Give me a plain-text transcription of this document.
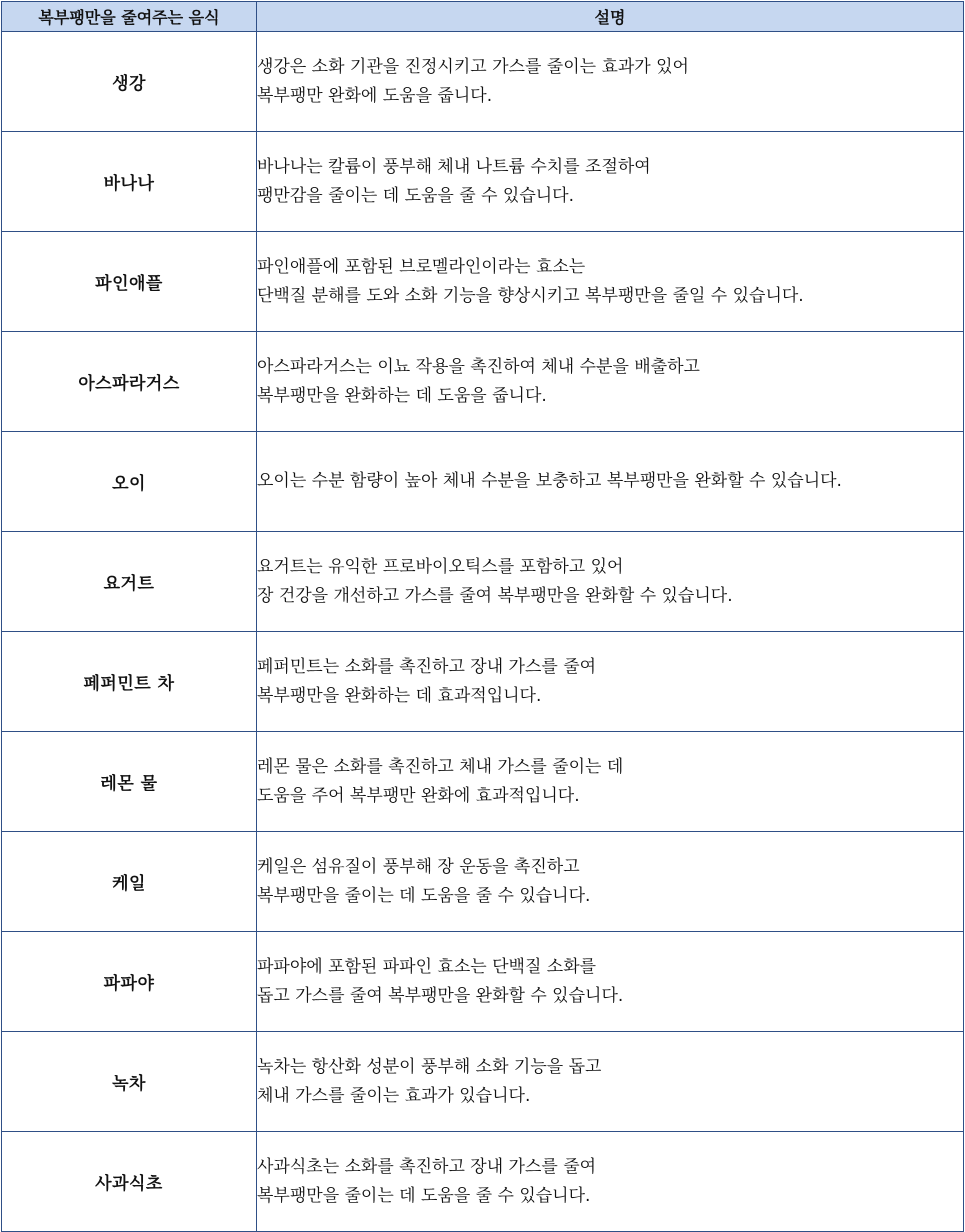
복부팽만을 줄여주는 음식	설명
생강	생강은 소화 기관을 진정시키고 가스를 줄이는 효과가 있어
복부팽만 완화에 도움을 줍니다.

바나나	바나나는 칼륨이 풍부해 체내 나트륨 수치를 조절하여
팽만감을 줄이는 데 도움을 줄 수 있습니다.

파인애플	파인애플에 포함된 브로멜라인이라는 효소는
단백질 분해를 도와 소화 기능을 향상시키고 복부팽만을 줄일 수 있습니다.

아스파라거스	아스파라거스는 이뇨 작용을 촉진하여 체내 수분을 배출하고
복부팽만을 완화하는 데 도움을 줍니다.

오이	오이는 수분 함량이 높아 체내 수분을 보충하고 복부팽만을 완화할 수 있습니다.

요거트	요거트는 유익한 프로바이오틱스를 포함하고 있어
장 건강을 개선하고 가스를 줄여 복부팽만을 완화할 수 있습니다.

페퍼민트 차	페퍼민트는 소화를 촉진하고 장내 가스를 줄여
복부팽만을 완화하는 데 효과적입니다.

레몬 물	레몬 물은 소화를 촉진하고 체내 가스를 줄이는 데
도움을 주어 복부팽만 완화에 효과적입니다.

케일	케일은 섬유질이 풍부해 장 운동을 촉진하고
복부팽만을 줄이는 데 도움을 줄 수 있습니다.

파파야	파파야에 포함된 파파인 효소는 단백질 소화를
돕고 가스를 줄여 복부팽만을 완화할 수 있습니다.

녹차	녹차는 항산화 성분이 풍부해 소화 기능을 돕고
체내 가스를 줄이는 효과가 있습니다.

사과식초	사과식초는 소화를 촉진하고 장내 가스를 줄여
복부팽만을 줄이는 데 도움을 줄 수 있습니다.
